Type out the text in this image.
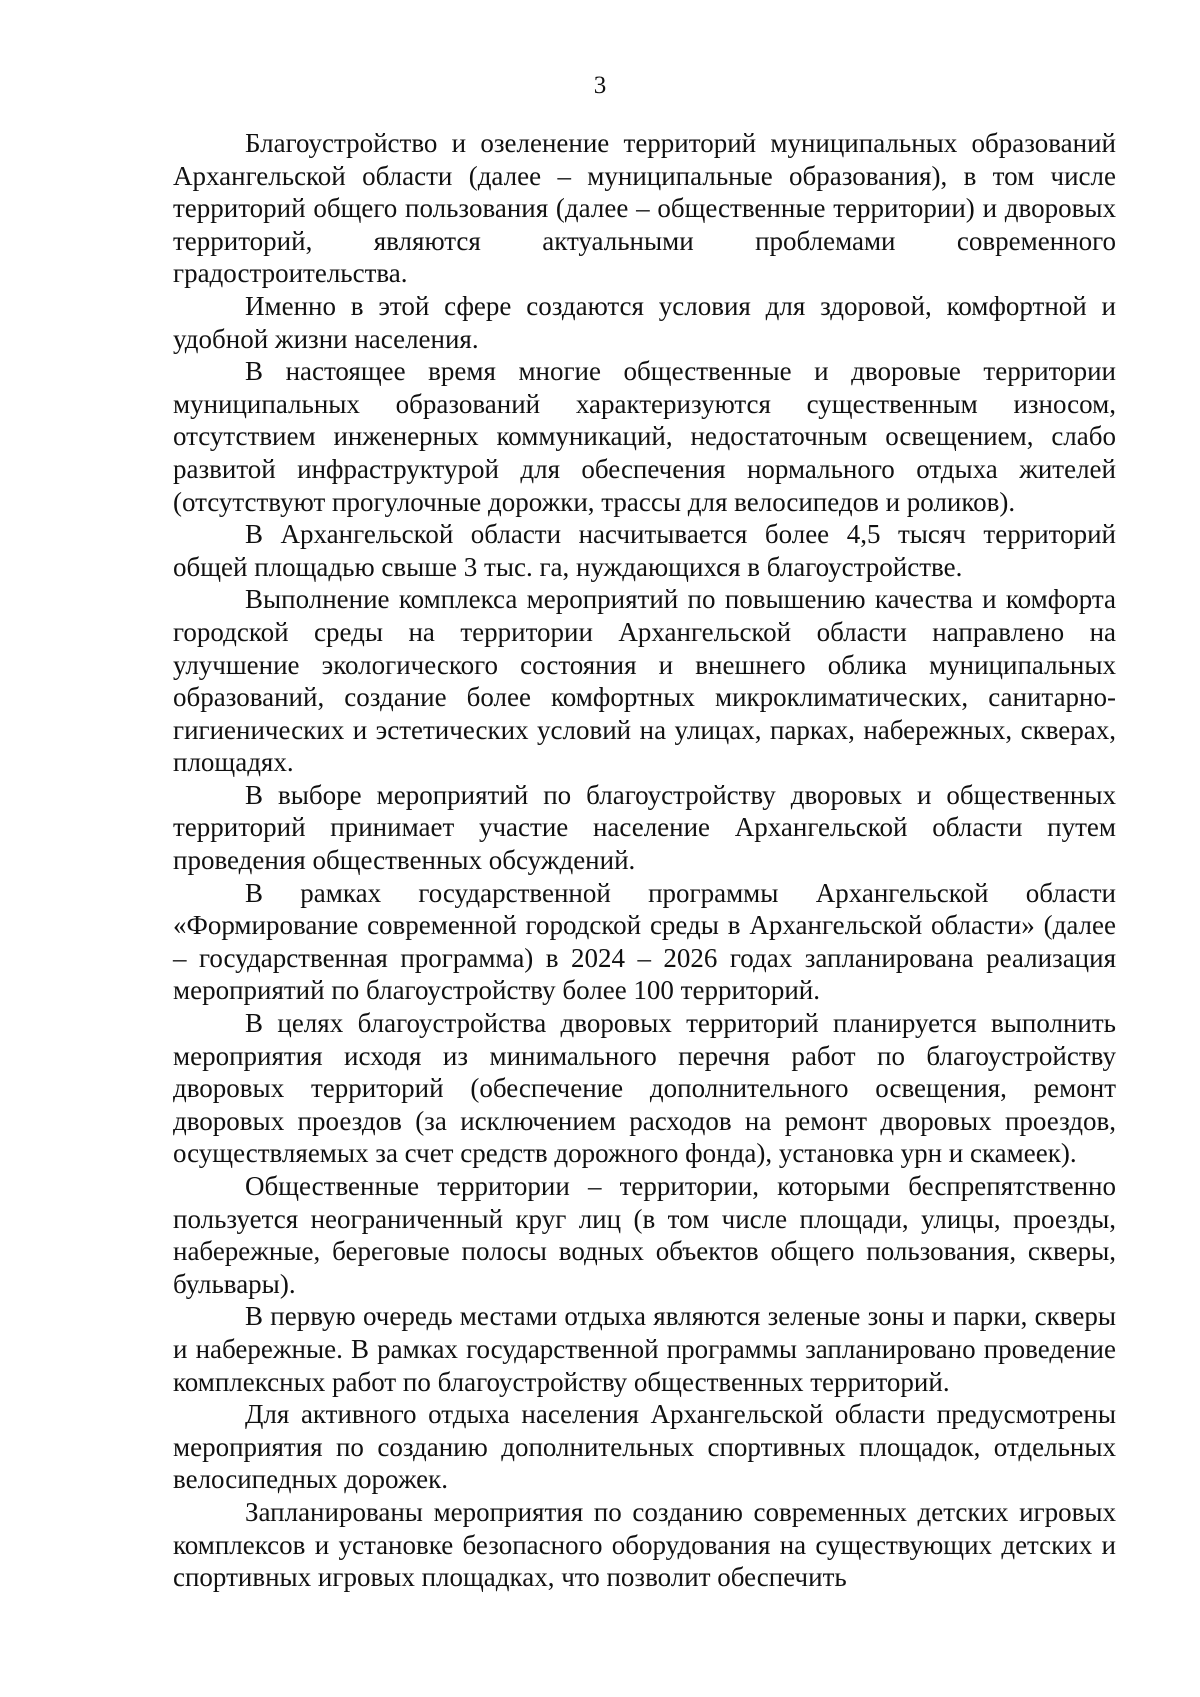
3

Благоустройство и озеленение территорий муниципальных образований Архангельской области (далее – муниципальные образования), в том числе территорий общего пользования (далее – общественные территории) и дворовых территорий, являются актуальными проблемами современного градостроительства.

Именно в этой сфере создаются условия для здоровой, комфортной и удобной жизни населения.

В настоящее время многие общественные и дворовые территории муниципальных образований характеризуются существенным износом, отсутствием инженерных коммуникаций, недостаточным освещением, слабо развитой инфраструктурой для обеспечения нормального отдыха жителей (отсутствуют прогулочные дорожки, трассы для велосипедов и роликов).

В Архангельской области насчитывается более 4,5 тысяч территорий общей площадью свыше 3 тыс. га, нуждающихся в благоустройстве.

Выполнение комплекса мероприятий по повышению качества и комфорта городской среды на территории Архангельской области направлено на улучшение экологического состояния и внешнего облика муниципальных образований, создание более комфортных микроклиматических, санитарно-гигиенических и эстетических условий на улицах, парках, набережных, скверах, площадях.

В выборе мероприятий по благоустройству дворовых и общественных территорий принимает участие население Архангельской области путем проведения общественных обсуждений.

В рамках государственной программы Архангельской области «Формирование современной городской среды в Архангельской области» (далее – государственная программа) в 2024 – 2026 годах запланирована реализация мероприятий по благоустройству более 100 территорий.

В целях благоустройства дворовых территорий планируется выполнить мероприятия исходя из минимального перечня работ по благоустройству дворовых территорий (обеспечение дополнительного освещения, ремонт дворовых проездов (за исключением расходов на ремонт дворовых проездов, осуществляемых за счет средств дорожного фонда), установка урн и скамеек).

Общественные территории – территории, которыми беспрепятственно пользуется неограниченный круг лиц (в том числе площади, улицы, проезды, набережные, береговые полосы водных объектов общего пользования, скверы, бульвары).

В первую очередь местами отдыха являются зеленые зоны и парки, скверы и набережные. В рамках государственной программы запланировано проведение комплексных работ по благоустройству общественных территорий.

Для активного отдыха населения Архангельской области предусмотрены мероприятия по созданию дополнительных спортивных площадок, отдельных велосипедных дорожек.

Запланированы мероприятия по созданию современных детских игровых комплексов и установке безопасного оборудования на существующих детских и спортивных игровых площадках, что позволит обеспечить
